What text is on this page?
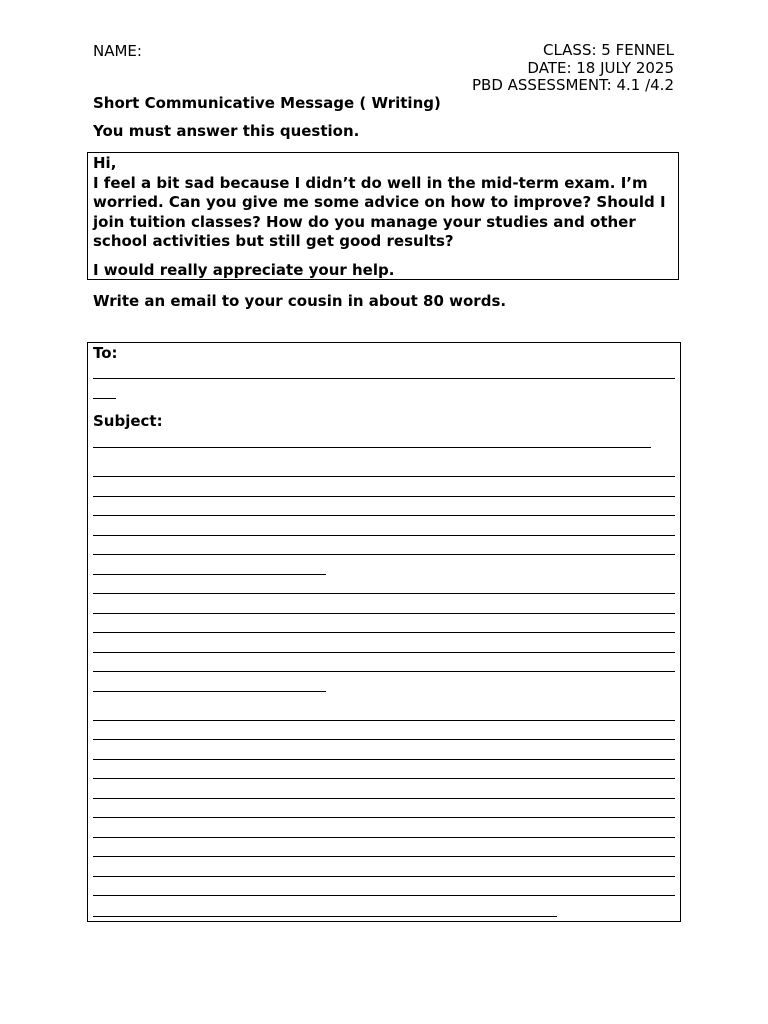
NAME:	CLASS: 5 FENNEL
DATE: 18 JULY 2025
PBD ASSESSMENT: 4.1 /4.2
Short Communicative Message ( Writing)
You must answer this question.

Hi,

I feel a bit sad because I didn’t do well in the mid-term exam. I’m worried. Can you give me some advice on how to improve? Should I join tuition classes? How do you manage your studies and other school activities but still get good results?

I would really appreciate your help.

Write an email to your cousin in about 80 words.
To:
Subject:
